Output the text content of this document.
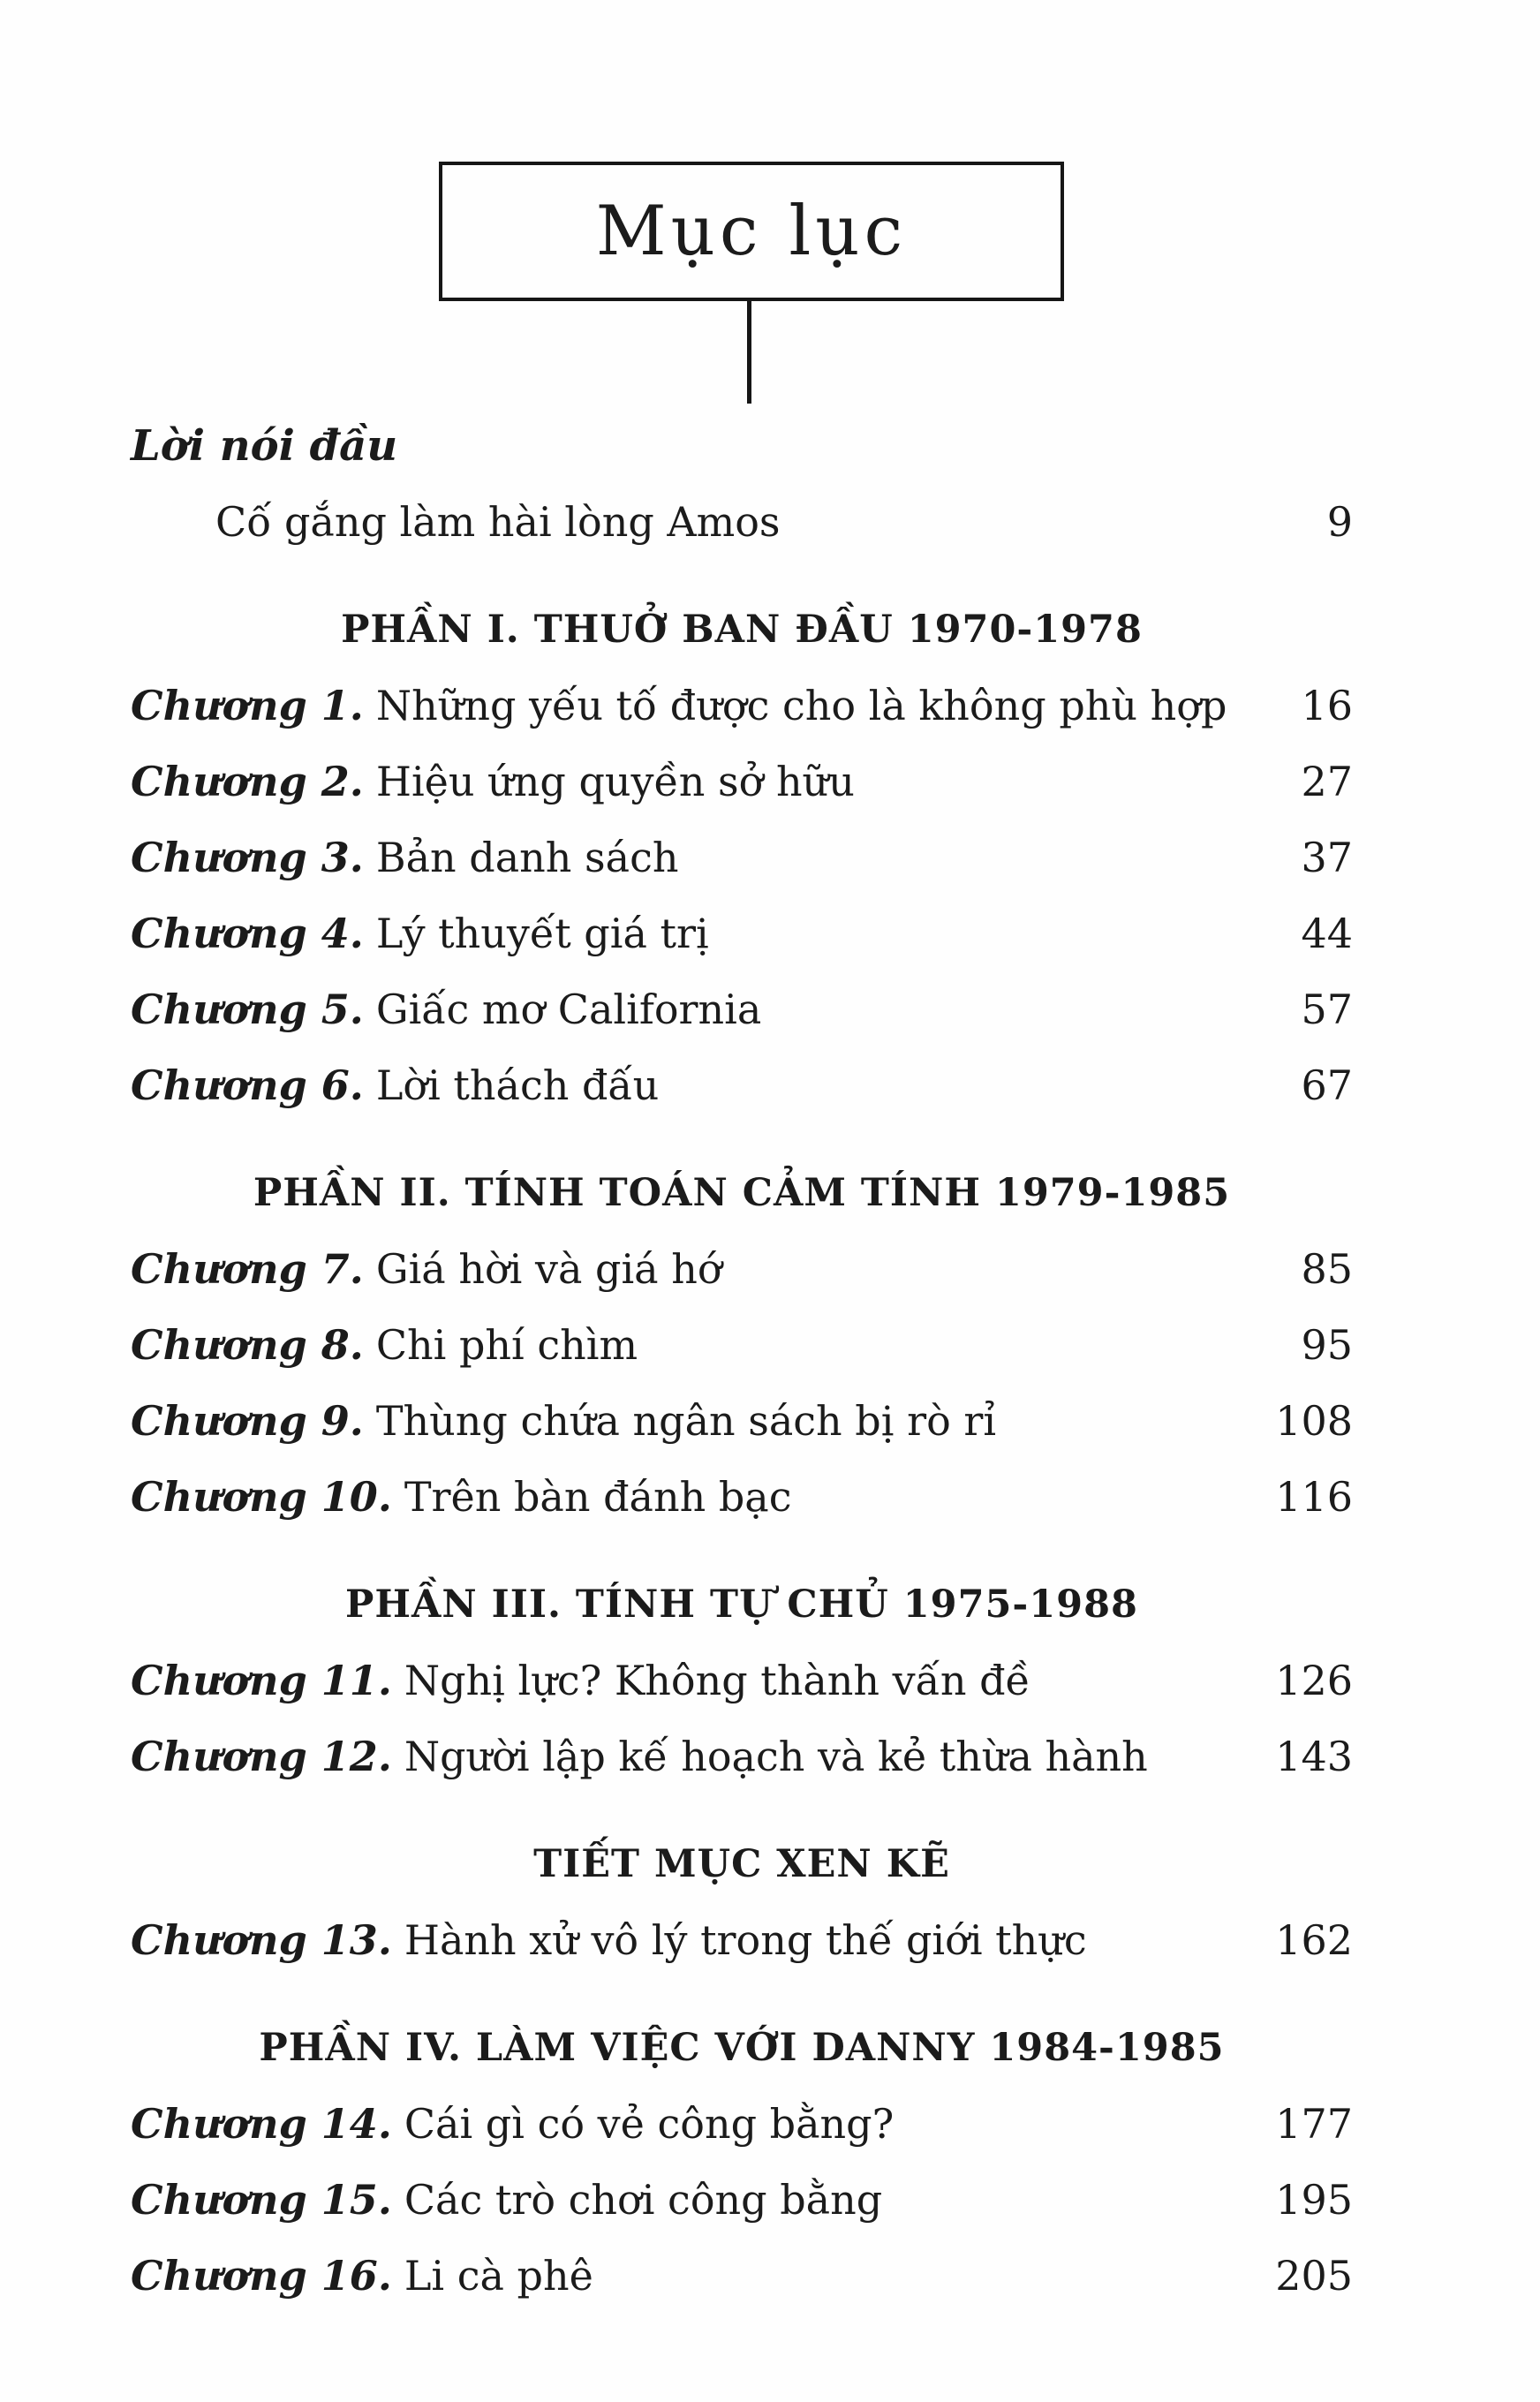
Mục lục
Lời nói đầu
Cố gắng làm hài lòng Amos	9
PHẦN I. THUỞ BAN ĐẦU 1970-1978
Chương 1. Những yếu tố được cho là không phù hợp	16
Chương 2. Hiệu ứng quyền sở hữu	27
Chương 3. Bản danh sách	37
Chương 4. Lý thuyết giá trị	44
Chương 5. Giấc mơ California	57
Chương 6. Lời thách đấu	67
PHẦN II. TÍNH TOÁN CẢM TÍNH 1979-1985
Chương 7. Giá hời và giá hớ	85
Chương 8. Chi phí chìm	95
Chương 9. Thùng chứa ngân sách bị rò rỉ	108
Chương 10. Trên bàn đánh bạc	116
PHẦN III. TÍNH TỰ CHỦ 1975-1988
Chương 11. Nghị lực? Không thành vấn đề	126
Chương 12. Người lập kế hoạch và kẻ thừa hành	143
TIẾT MỤC XEN KẼ
Chương 13. Hành xử vô lý trong thế giới thực	162
PHẦN IV. LÀM VIỆC VỚI DANNY 1984-1985
Chương 14. Cái gì có vẻ công bằng?	177
Chương 15. Các trò chơi công bằng	195
Chương 16. Li cà phê	205
